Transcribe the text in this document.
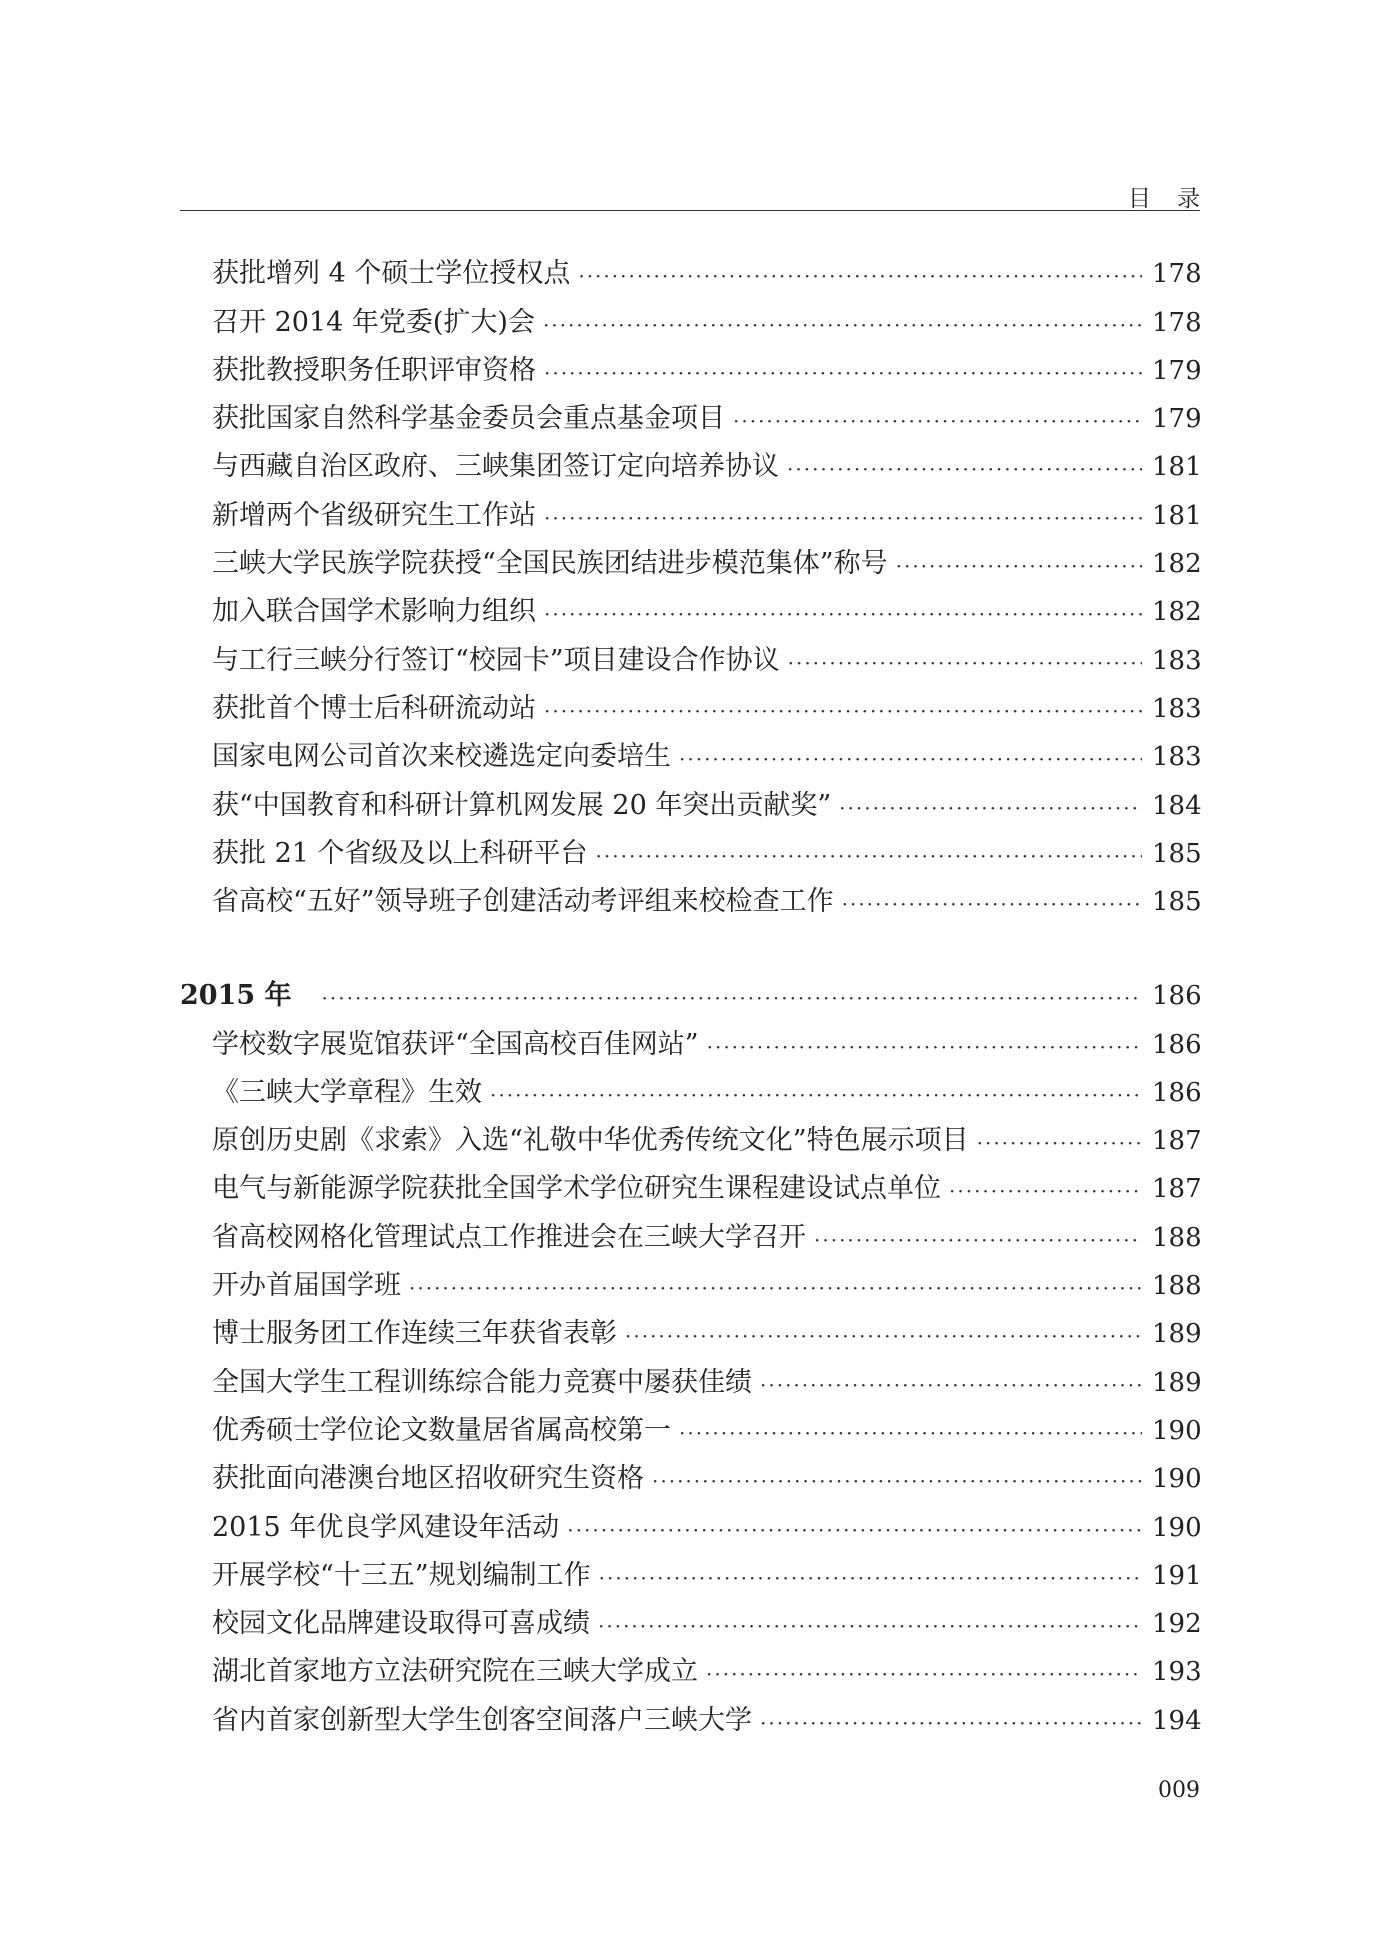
目录
获批增列 4 个硕士学位授权点 ·····	178
召开 2014 年党委(扩大)会 ·····	178
获批教授职务任职评审资格 ·····	179
获批国家自然科学基金委员会重点基金项目 ·····	179
与西藏自治区政府、三峡集团签订定向培养协议 ·····	181
新增两个省级研究生工作站 ·····	181
三峡大学民族学院获授“全国民族团结进步模范集体”称号 ·····	182
加入联合国学术影响力组织 ·····	182
与工行三峡分行签订“校园卡”项目建设合作协议 ·····	183
获批首个博士后科研流动站 ·····	183
国家电网公司首次来校遴选定向委培生 ·····	183
获“中国教育和科研计算机网发展 20 年突出贡献奖” ·····	184
获批 21 个省级及以上科研平台 ·····	185
省高校“五好”领导班子创建活动考评组来校检查工作 ·····	185
2015 年 ·····	186
学校数字展览馆获评“全国高校百佳网站” ·····	186
《三峡大学章程》生效 ·····	186
原创历史剧《求索》入选“礼敬中华优秀传统文化”特色展示项目 ·····	187
电气与新能源学院获批全国学术学位研究生课程建设试点单位 ·····	187
省高校网格化管理试点工作推进会在三峡大学召开 ·····	188
开办首届国学班 ·····	188
博士服务团工作连续三年获省表彰 ·····	189
全国大学生工程训练综合能力竞赛中屡获佳绩 ·····	189
优秀硕士学位论文数量居省属高校第一 ·····	190
获批面向港澳台地区招收研究生资格 ·····	190
2015 年优良学风建设年活动 ·····	190
开展学校“十三五”规划编制工作 ·····	191
校园文化品牌建设取得可喜成绩 ·····	192
湖北首家地方立法研究院在三峡大学成立 ·····	193
省内首家创新型大学生创客空间落户三峡大学 ·····	194
009
